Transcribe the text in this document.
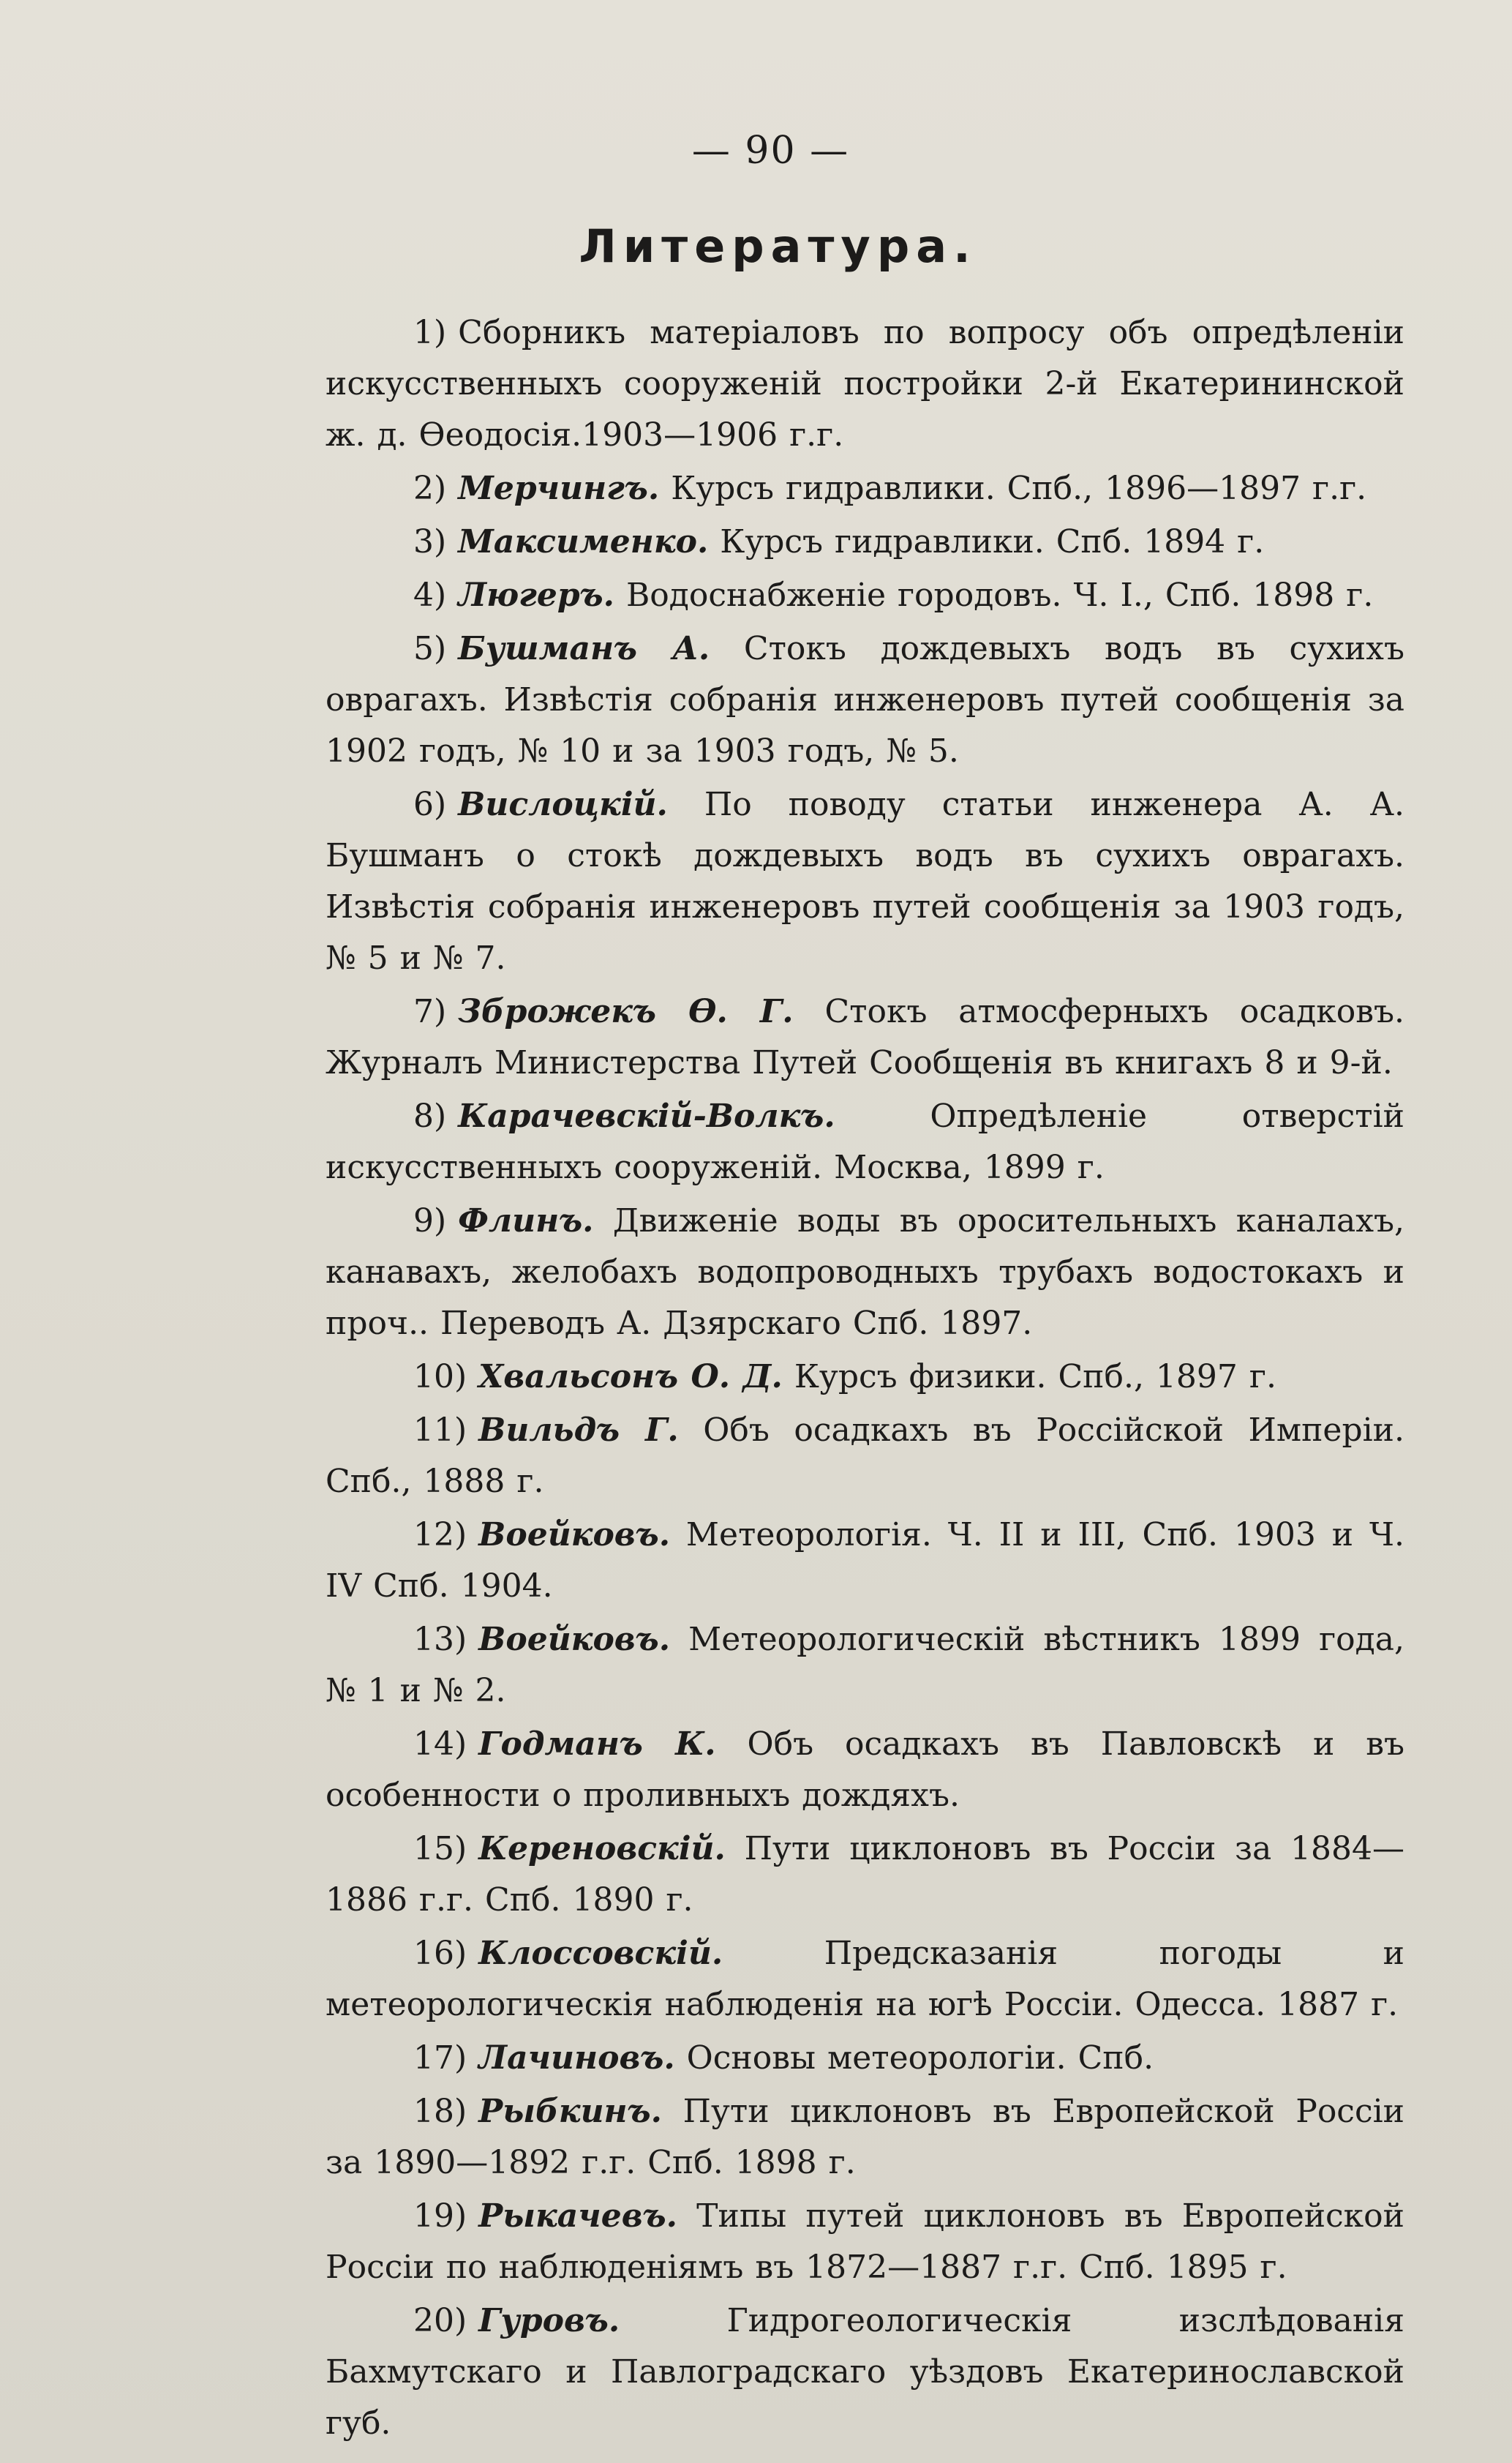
— 90 —
Литература.
1) Сборникъ матеріаловъ по вопросу объ опредѣленіи искусственныхъ сооруженій постройки 2-й Екатерининской ж. д. Ѳеодосія.1903—1906 г.г.
2) Мерчингъ. Курсъ гидравлики. Спб., 1896—1897 г.г.
3) Максименко. Курсъ гидравлики. Спб. 1894 г.
4) Люгеръ. Водоснабженіе городовъ. Ч. I., Спб. 1898 г.
5) Бушманъ А. Стокъ дождевыхъ водъ въ сухихъ оврагахъ. Извѣстія собранія инженеровъ путей сообщенія за 1902 годъ, № 10 и за 1903 годъ, № 5.
6) Вислоцкій. По поводу статьи инженера А. А. Бушманъ о стокѣ дождевыхъ водъ въ сухихъ оврагахъ. Извѣстія собранія инженеровъ путей сообщенія за 1903 годъ, № 5 и № 7.
7) Зброжекъ Ѳ. Г. Стокъ атмосферныхъ осадковъ. Журналъ Министерства Путей Сообщенія въ книгахъ 8 и 9-й.
8) Карачевскій-Волкъ.	Опредѣленіе отверстій искусственныхъ сооруженій. Москва, 1899 г.
9) Флинъ. Движеніе воды въ оросительныхъ каналахъ, канавахъ, желобахъ водопроводныхъ трубахъ водостокахъ и проч.. Переводъ А. Дзярскаго Спб. 1897.
10) Хвальсонъ О. Д. Курсъ физики. Спб., 1897 г.
11) Вильдъ Г. Объ осадкахъ въ Россійской Имперіи. Спб., 1888 г.
12) Воейковъ. Метеорологія. Ч. II и III, Спб. 1903 и Ч. IV Спб. 1904.
13) Воейковъ. Метеорологическій вѣстникъ 1899 года, № 1 и № 2.
14) Годманъ К. Объ осадкахъ въ Павловскѣ и въ особенности о проливныхъ дождяхъ.
15) Кереновскій. Пути циклоновъ въ Россіи за 1884—1886 г.г. Спб. 1890 г.
16) Клоссовскій.	Предсказанія погоды и метеорологическія наблюденія на югѣ Россіи. Одесса. 1887 г.
17) Лачиновъ. Основы метеорологіи. Спб.
18) Рыбкинъ. Пути циклоновъ въ Европейской Россіи за 1890—1892 г.г. Спб. 1898 г.
19) Рыкачевъ. Типы путей циклоновъ въ Европейской Россіи по наблюденіямъ въ 1872—1887 г.г. Спб. 1895 г.
20) Гуровъ.	Гидрогеологическія изслѣдованія Бахмутскаго и Павлоградскаго уѣздовъ Екатеринославской губ.
